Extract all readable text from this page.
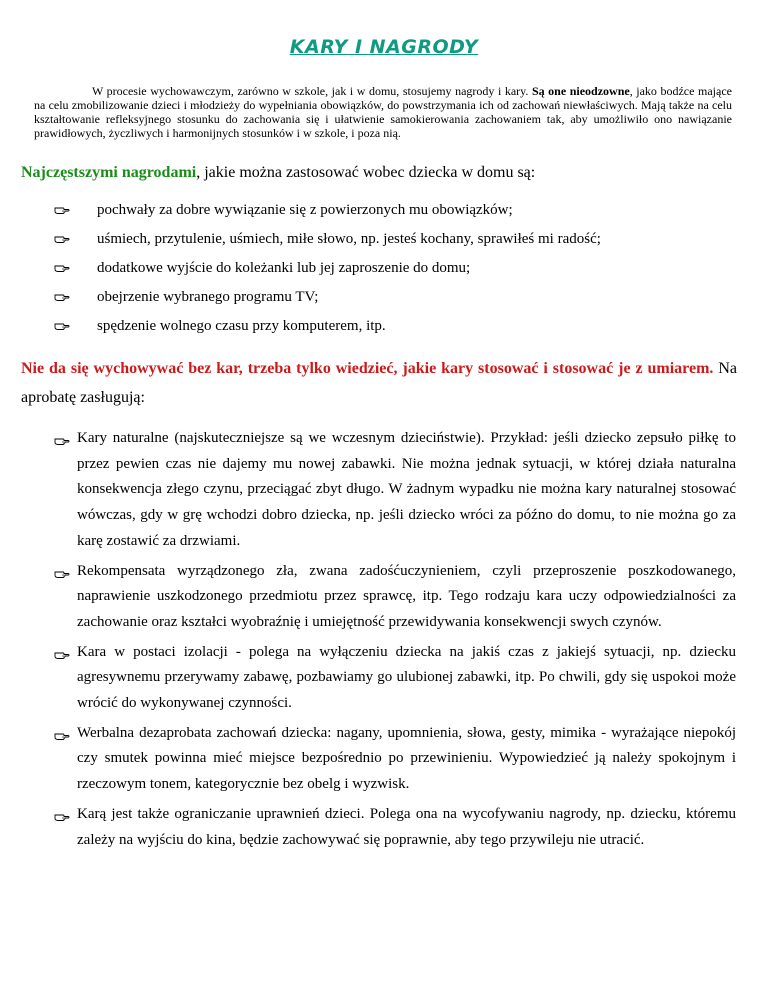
KARY I NAGRODY

W procesie wychowawczym, zarówno w szkole, jak i w domu, stosujemy nagrody i kary. Są one nieodzowne, jako bodźce mające na celu zmobilizowanie dzieci i młodzieży do wypełniania obowiązków, do powstrzymania ich od zachowań niewłaściwych. Mają także na celu kształtowanie refleksyjnego stosunku do zachowania się i ułatwienie samokierowania zachowaniem tak, aby umożliwiło ono nawiązanie prawidłowych, życzliwych i harmonijnych stosunków i w szkole, i poza nią.

Najczęstszymi nagrodami, jakie można zastosować wobec dziecka w domu są:
pochwały za dobre wywiązanie się z powierzonych mu obowiązków;
uśmiech, przytulenie, uśmiech, miłe słowo, np. jesteś kochany, sprawiłeś mi radość;
dodatkowe wyjście do koleżanki lub jej zaproszenie do domu;
obejrzenie wybranego programu TV;
spędzenie wolnego czasu przy komputerem, itp.
Nie da się wychowywać bez kar, trzeba tylko wiedzieć, jakie kary stosować i stosować je z umiarem. Na aprobatę zasługują:
Kary naturalne (najskuteczniejsze są we wczesnym dzieciństwie). Przykład: jeśli dziecko zepsuło piłkę to przez pewien czas nie dajemy mu nowej zabawki. Nie można jednak sytuacji, w której działa naturalna konsekwencja złego czynu, przeciągać zbyt długo. W żadnym wypadku nie można kary naturalnej stosować wówczas, gdy w grę wchodzi dobro dziecka, np. jeśli dziecko wróci za późno do domu, to nie można go za karę zostawić za drzwiami.
Rekompensata wyrządzonego zła, zwana zadośćuczynieniem, czyli przeproszenie poszkodowanego, naprawienie uszkodzonego przedmiotu przez sprawcę, itp. Tego rodzaju kara uczy odpowiedzialności za zachowanie oraz kształci wyobraźnię i umiejętność przewidywania konsekwencji swych czynów.
Kara w postaci izolacji - polega na wyłączeniu dziecka na jakiś czas z jakiejś sytuacji, np. dziecku agresywnemu przerywamy zabawę, pozbawiamy go ulubionej zabawki, itp. Po chwili, gdy się uspokoi może wrócić do wykonywanej czynności.
Werbalna dezaprobata zachowań dziecka: nagany, upomnienia, słowa, gesty, mimika - wyrażające niepokój czy smutek powinna mieć miejsce bezpośrednio po przewinieniu. Wypowiedzieć ją należy spokojnym i rzeczowym tonem, kategorycznie bez obelg i wyzwisk.
Karą jest także ograniczanie uprawnień dzieci. Polega ona na wycofywaniu nagrody, np. dziecku, któremu zależy na wyjściu do kina, będzie zachowywać się poprawnie, aby tego przywileju nie utracić.
